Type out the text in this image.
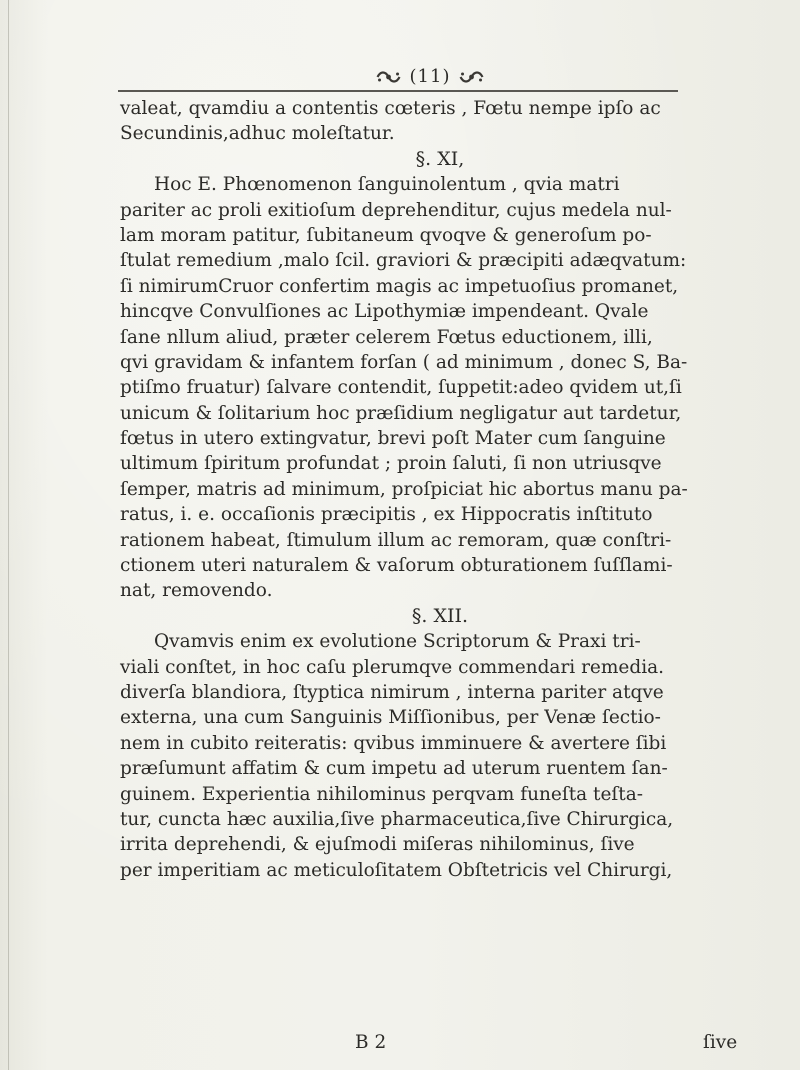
(11)
valeat, qvamdiu a contentis cœteris , Fœtu nempe ipſo ac
Secundinis,adhuc moleſtatur.
§. XI,
Hoc E. Phœnomenon ſanguinolentum , qvia matri
pariter ac proli exitioſum deprehenditur, cujus medela nul-
lam moram patitur, ſubitaneum qvoqve & generoſum po-
ſtulat remedium ,malo ſcil. graviori & præcipiti adæqvatum:
ſi nimirumCruor confertim magis ac impetuoſius promanet,
hincqve Convulſiones ac Lipothymiæ impendeant. Qvale
ſane nllum aliud, præter celerem Fœtus eductionem, illi,
qvi gravidam & infantem forſan ( ad minimum , donec S, Ba-
ptiſmo fruatur) ſalvare contendit, ſuppetit:adeo qvidem ut,ſi
unicum & ſolitarium hoc præſidium negligatur aut tardetur,
fœtus in utero extingvatur, brevi poſt Mater cum ſanguine
ultimum ſpiritum profundat ; proin ſaluti, ſi non utriusqve
ſemper, matris ad minimum, proſpiciat hic abortus manu pa-
ratus, i. e. occaſionis præcipitis , ex Hippocratis inſtituto
rationem habeat, ſtimulum illum ac remoram, quæ conſtri-
ctionem uteri naturalem & vaſorum obturationem ſuſſlami-
nat, removendo.
§. XII.
Qvamvis enim ex evolutione Scriptorum & Praxi tri-
viali conſtet, in hoc caſu plerumqve commendari remedia.
diverſa blandiora, ſtyptica nimirum , interna pariter atqve
externa, una cum Sanguinis Miſſionibus, per Venæ ſectio-
nem in cubito reiteratis: qvibus imminuere & avertere ſibi
præſumunt affatim & cum impetu ad uterum ruentem ſan-
guinem. Experientia nihilominus perqvam funeſta teſta-
tur, cuncta hæc auxilia,ſive pharmaceutica,ſive Chirurgica,
irrita deprehendi, & ejuſmodi miſeras nihilominus, ſive
per imperitiam ac meticuloſitatem Obſtetricis vel Chirurgi,
B 2	ſive
